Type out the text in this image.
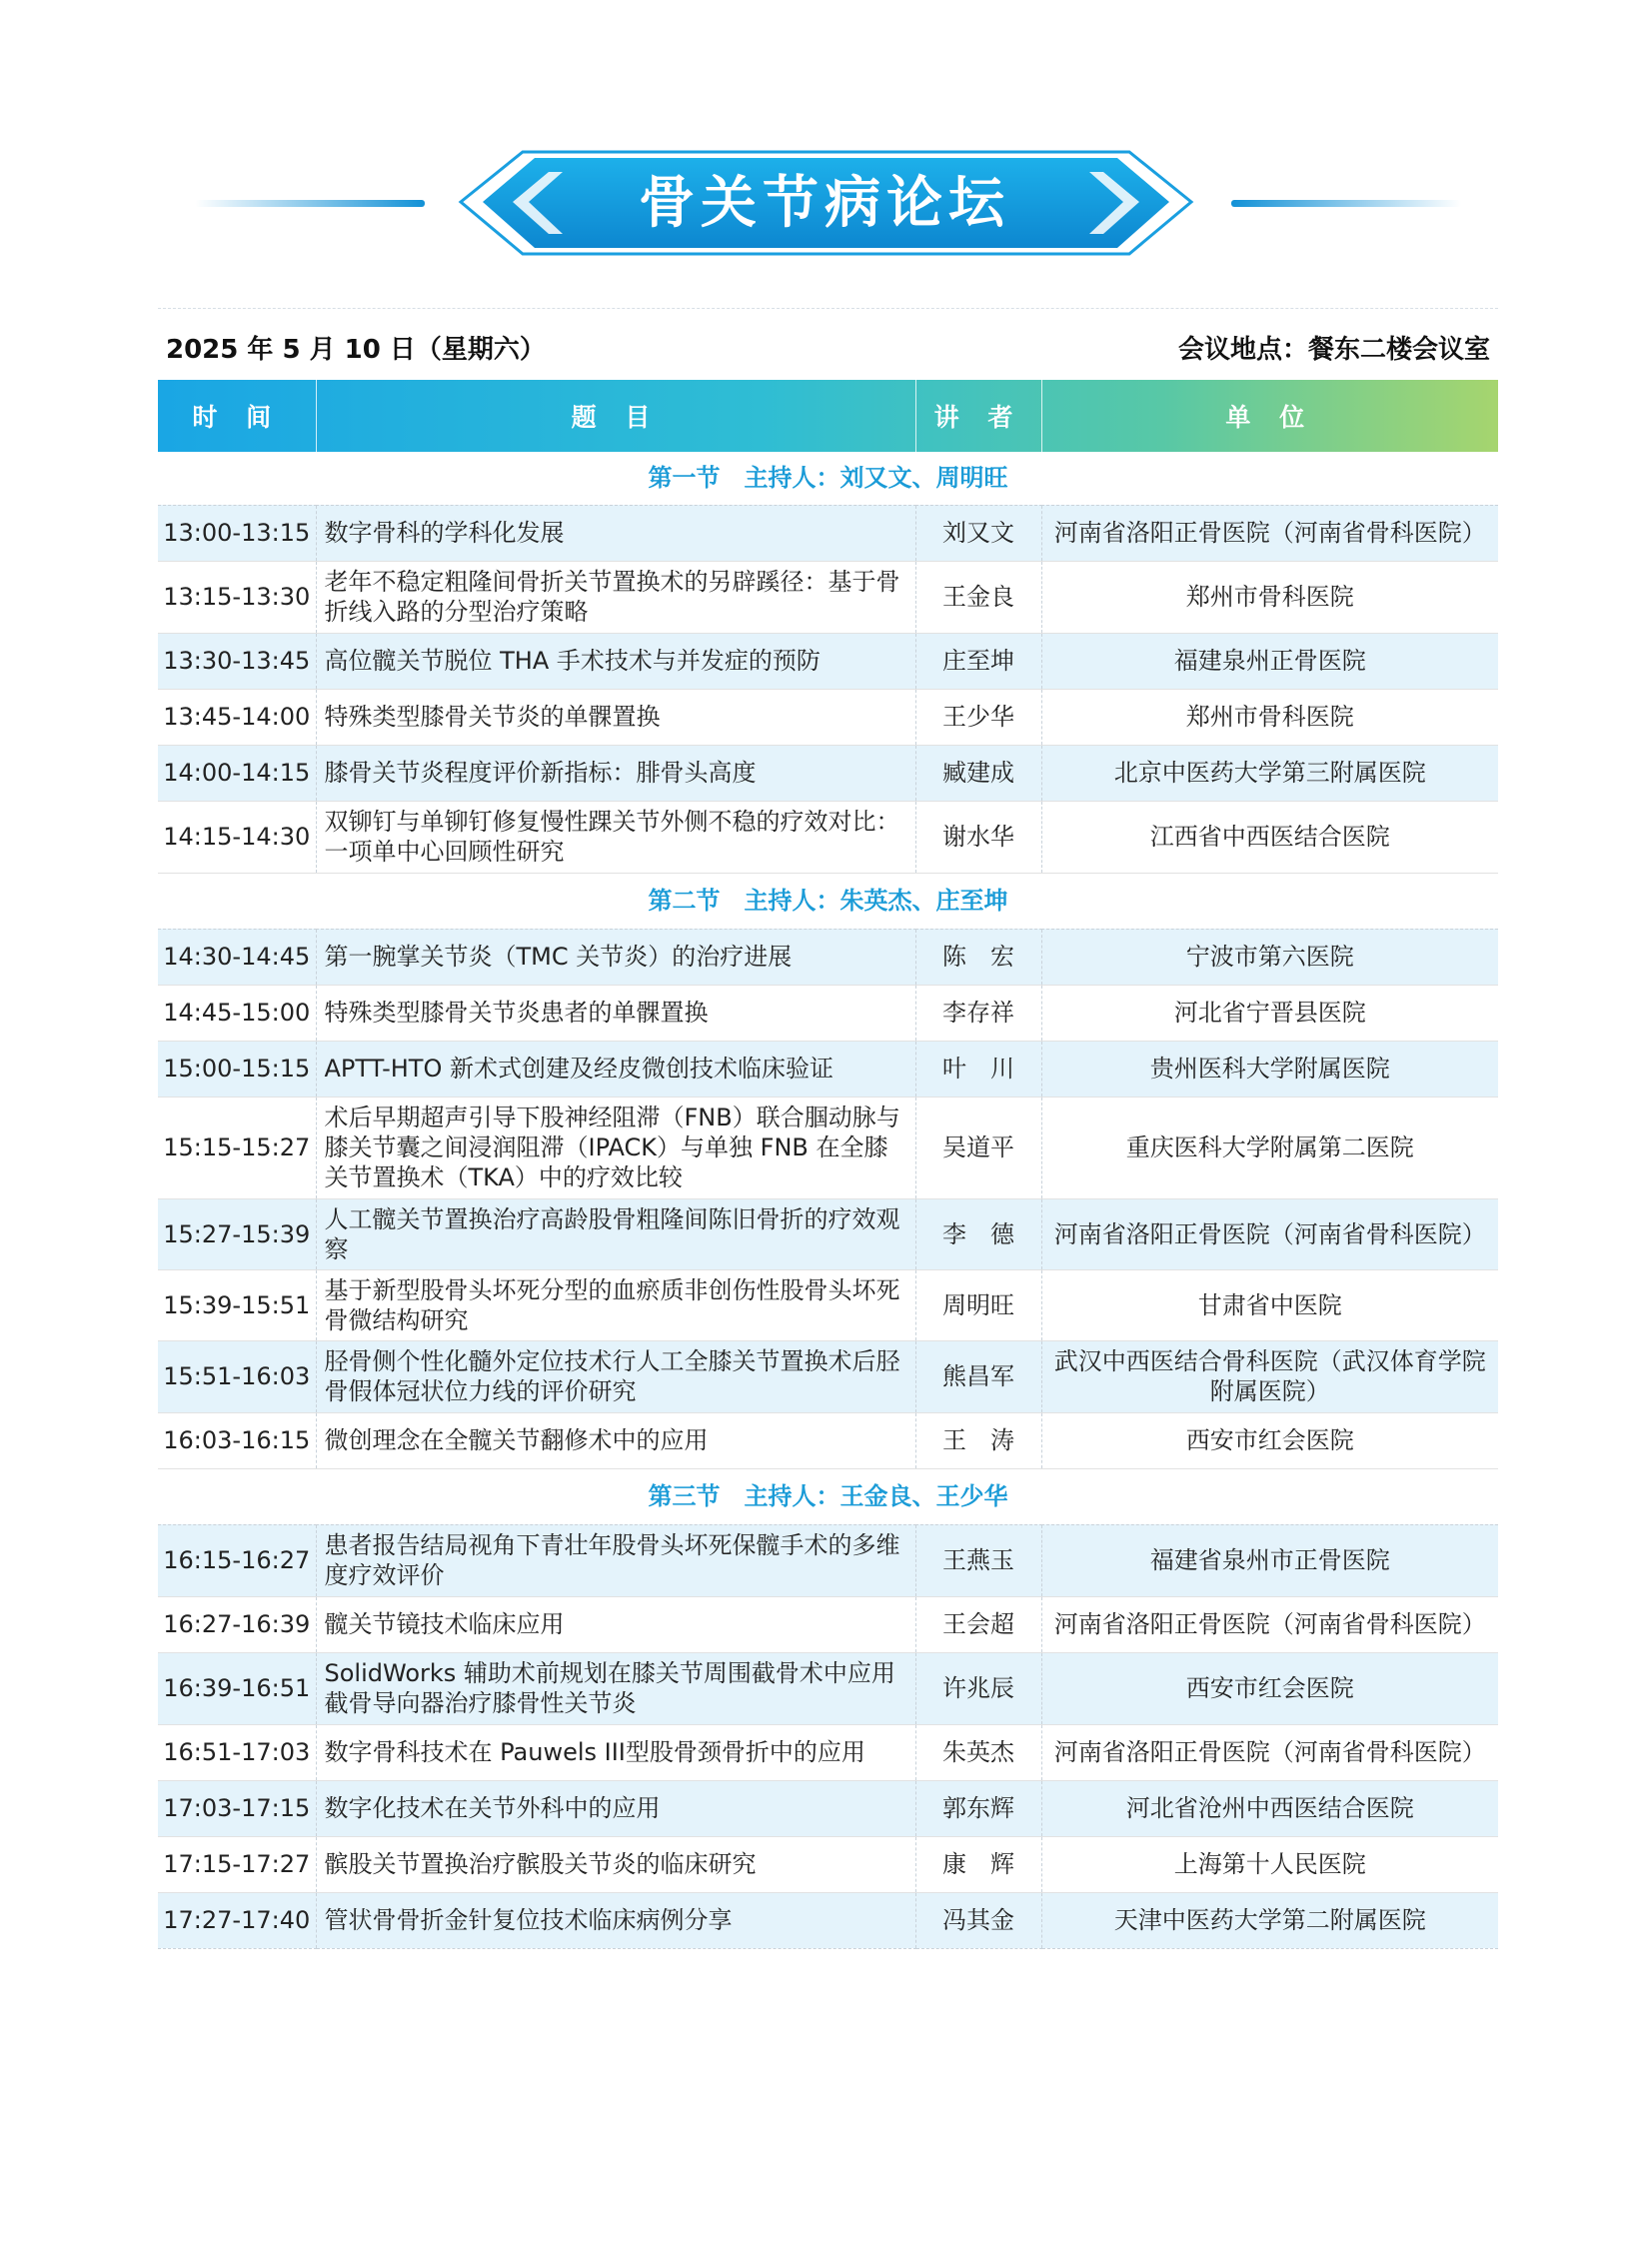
骨关节病论坛
2025 年 5 月 10 日（星期六）	会议地点：餐东二楼会议室
时 间	题 目	讲 者	单 位
第一节　主持人：刘又文、周明旺			
13:00-13:15	数字骨科的学科化发展	刘又文	河南省洛阳正骨医院（河南省骨科医院）
13:15-13:30	老年不稳定粗隆间骨折关节置换术的另辟蹊径：基于骨折线入路的分型治疗策略	王金良	郑州市骨科医院
13:30-13:45	高位髋关节脱位 THA 手术技术与并发症的预防	庄至坤	福建泉州正骨医院
13:45-14:00	特殊类型膝骨关节炎的单髁置换	王少华	郑州市骨科医院
14:00-14:15	膝骨关节炎程度评价新指标：腓骨头高度	臧建成	北京中医药大学第三附属医院
14:15-14:30	双铆钉与单铆钉修复慢性踝关节外侧不稳的疗效对比：一项单中心回顾性研究	谢水华	江西省中西医结合医院
第二节　主持人：朱英杰、庄至坤			
14:30-14:45	第一腕掌关节炎（TMC 关节炎）的治疗进展	陈　宏	宁波市第六医院
14:45-15:00	特殊类型膝骨关节炎患者的单髁置换	李存祥	河北省宁晋县医院
15:00-15:15	APTT-HTO 新术式创建及经皮微创技术临床验证	叶　川	贵州医科大学附属医院
15:15-15:27	术后早期超声引导下股神经阻滞（FNB）联合腘动脉与膝关节囊之间浸润阻滞（IPACK）与单独 FNB 在全膝关节置换术（TKA）中的疗效比较	吴道平	重庆医科大学附属第二医院
15:27-15:39	人工髋关节置换治疗高龄股骨粗隆间陈旧骨折的疗效观察	李　德	河南省洛阳正骨医院（河南省骨科医院）
15:39-15:51	基于新型股骨头坏死分型的血瘀质非创伤性股骨头坏死骨微结构研究	周明旺	甘肃省中医院
15:51-16:03	胫骨侧个性化髓外定位技术行人工全膝关节置换术后胫骨假体冠状位力线的评价研究	熊昌军	武汉中西医结合骨科医院（武汉体育学院附属医院）
16:03-16:15	微创理念在全髋关节翻修术中的应用	王　涛	西安市红会医院
第三节　主持人：王金良、王少华			
16:15-16:27	患者报告结局视角下青壮年股骨头坏死保髋手术的多维度疗效评价	王燕玉	福建省泉州市正骨医院
16:27-16:39	髋关节镜技术临床应用	王会超	河南省洛阳正骨医院（河南省骨科医院）
16:39-16:51	SolidWorks 辅助术前规划在膝关节周围截骨术中应用截骨导向器治疗膝骨性关节炎	许兆辰	西安市红会医院
16:51-17:03	数字骨科技术在 Pauwels III型股骨颈骨折中的应用	朱英杰	河南省洛阳正骨医院（河南省骨科医院）
17:03-17:15	数字化技术在关节外科中的应用	郭东辉	河北省沧州中西医结合医院
17:15-17:27	髌股关节置换治疗髌股关节炎的临床研究	康　辉	上海第十人民医院
17:27-17:40	管状骨骨折金针复位技术临床病例分享	冯其金	天津中医药大学第二附属医院
